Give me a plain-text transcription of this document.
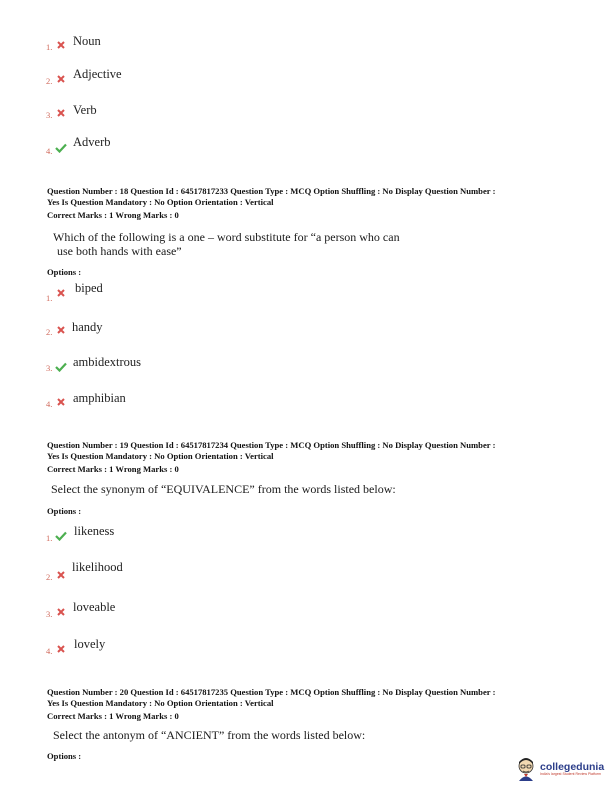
1. Noun
2. Adjective
3. Verb
4.
Adverb
Question Number : 18 Question Id : 64517817233 Question Type : MCQ Option Shuffling : No Display Question Number :
Yes Is Question Mandatory : No Option Orientation : Vertical
Correct Marks : 1 Wrong Marks : 0
Which of the following is a one – word substitute for “a person who can
use both hands with ease”
Options :
1.
biped
2. handy
3. ambidextrous
4. amphibian
Question Number : 19 Question Id : 64517817234 Question Type : MCQ Option Shuffling : No Display Question Number :
Yes Is Question Mandatory : No Option Orientation : Vertical
Correct Marks : 1 Wrong Marks : 0
Select the synonym of “EQUIVALENCE” from the words listed below:
Options :
1. likeness
2.
likelihood
3. loveable
4. lovely
Question Number : 20 Question Id : 64517817235 Question Type : MCQ Option Shuffling : No Display Question Number :
Yes Is Question Mandatory : No Option Orientation : Vertical
Correct Marks : 1 Wrong Marks : 0
Select the antonym of “ANCIENT” from the words listed below:
Options :
collegedunia
India's largest Student Review Platform
